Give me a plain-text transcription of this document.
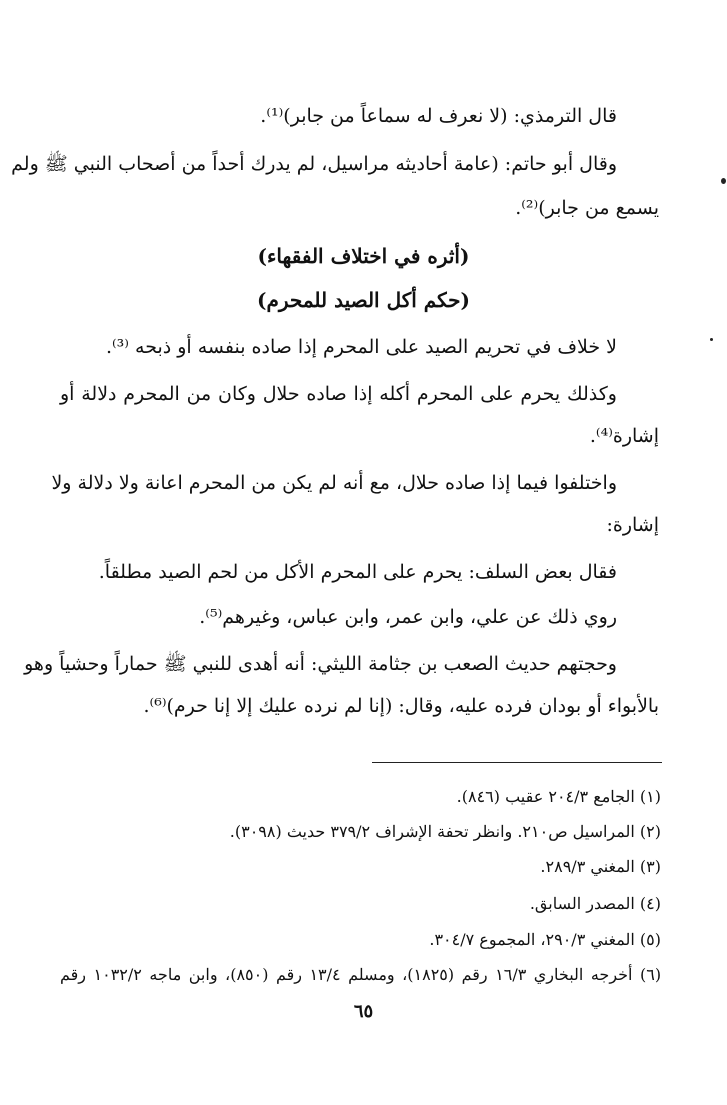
قال الترمذي: (لا نعرف له سماعاً من جابر)⁽¹⁾.
وقال أبو حاتم: (عامة أحاديثه مراسيل، لم يدرك أحداً من أصحاب النبي ﷺ ولم
يسمع من جابر)⁽²⁾.
(أثره في اختلاف الفقهاء)
(حكم أكل الصيد للمحرم)
لا خلاف في تحريم الصيد على المحرم إذا صاده بنفسه أو ذبحه ⁽³⁾.
وكذلك يحرم على المحرم أكله إذا صاده حلال وكان من المحرم دلالة أو
إشارة⁽⁴⁾.
واختلفوا فيما إذا صاده حلال، مع أنه لم يكن من المحرم اعانة ولا دلالة ولا
إشارة:
فقال بعض السلف: يحرم على المحرم الأكل من لحم الصيد مطلقاً.
روي ذلك عن علي، وابن عمر، وابن عباس، وغيرهم⁽⁵⁾.
وحجتهم حديث الصعب بن جثامة الليثي: أنه أهدى للنبي ﷺ حماراً وحشياً وهو
بالأبواء أو بودان فرده عليه، وقال: (إنا لم نرده عليك إلا إنا حرم)⁽⁶⁾.
(١) الجامع ٢٠٤/٣ عقيب (٨٤٦).
(٢) المراسيل ص٢١٠. وانظر تحفة الإشراف ٣٧٩/٢ حديث (٣٠٩٨).
(٣) المغني ٢٨٩/٣.
(٤) المصدر السابق.
(٥) المغني ٢٩٠/٣، المجموع ٣٠٤/٧.
(٦) أخرجه البخاري ١٦/٣ رقم (١٨٢٥)، ومسلم ١٣/٤ رقم (٨٥٠)، وابن ماجه ١٠٣٢/٢ رقم
٦٥
